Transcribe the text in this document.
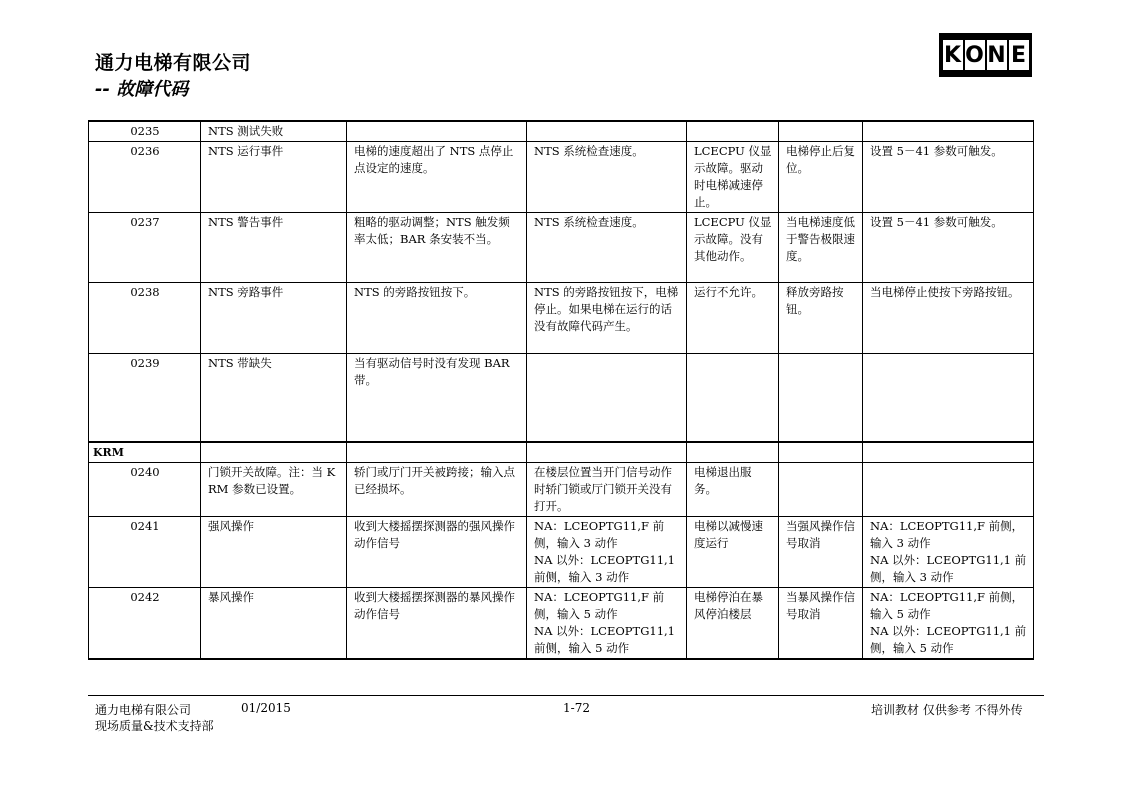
通力电梯有限公司
-- 故障代码
K O N E
0235	NTS 测试失败					
0236	NTS 运行事件	电梯的速度超出了 NTS 点停止点设定的速度。	NTS 系统检查速度。	LCECPU 仪显示故障。驱动时电梯减速停止。	电梯停止后复位。	设置 5－41 参数可触发。
0237	NTS 警告事件	粗略的驱动调整；NTS 触发频率太低；BAR 条安装不当。	NTS 系统检查速度。	LCECPU 仪显示故障。没有其他动作。	当电梯速度低于警告极限速度。	设置 5－41 参数可触发。
0238	NTS 旁路事件	NTS 的旁路按钮按下。	NTS 的旁路按钮按下，电梯停止。如果电梯在运行的话没有故障代码产生。	运行不允许。	释放旁路按钮。	当电梯停止使按下旁路按钮。
0239	NTS 带缺失	当有驱动信号时没有发现 BAR 带。				
KRM						
0240	门锁开关故障。注：当 KRM 参数已设置。	轿门或厅门开关被跨接；输入点已经损坏。	在楼层位置当开门信号动作时轿门锁或厅门锁开关没有打开。	电梯退出服务。		
0241	强风操作	收到大楼摇摆探测器的强风操作动作信号	NA：LCEOPTG11,F 前侧，输入 3 动作
NA 以外：LCEOPTG11,1 前侧，输入 3 动作	电梯以减慢速度运行	当强风操作信号取消	NA：LCEOPTG11,F 前侧，输入 3 动作
NA 以外：LCEOPTG11,1 前侧，输入 3 动作
0242	暴风操作	收到大楼摇摆探测器的暴风操作动作信号	NA：LCEOPTG11,F 前侧，输入 5 动作
NA 以外：LCEOPTG11,1 前侧，输入 5 动作	电梯停泊在暴风停泊楼层	当暴风操作信号取消	NA：LCEOPTG11,F 前侧，输入 5 动作
NA 以外：LCEOPTG11,1 前侧，输入 5 动作
通力电梯有限公司	01/2015	1-72	培训教材 仅供参考 不得外传
现场质量&技术支持部
